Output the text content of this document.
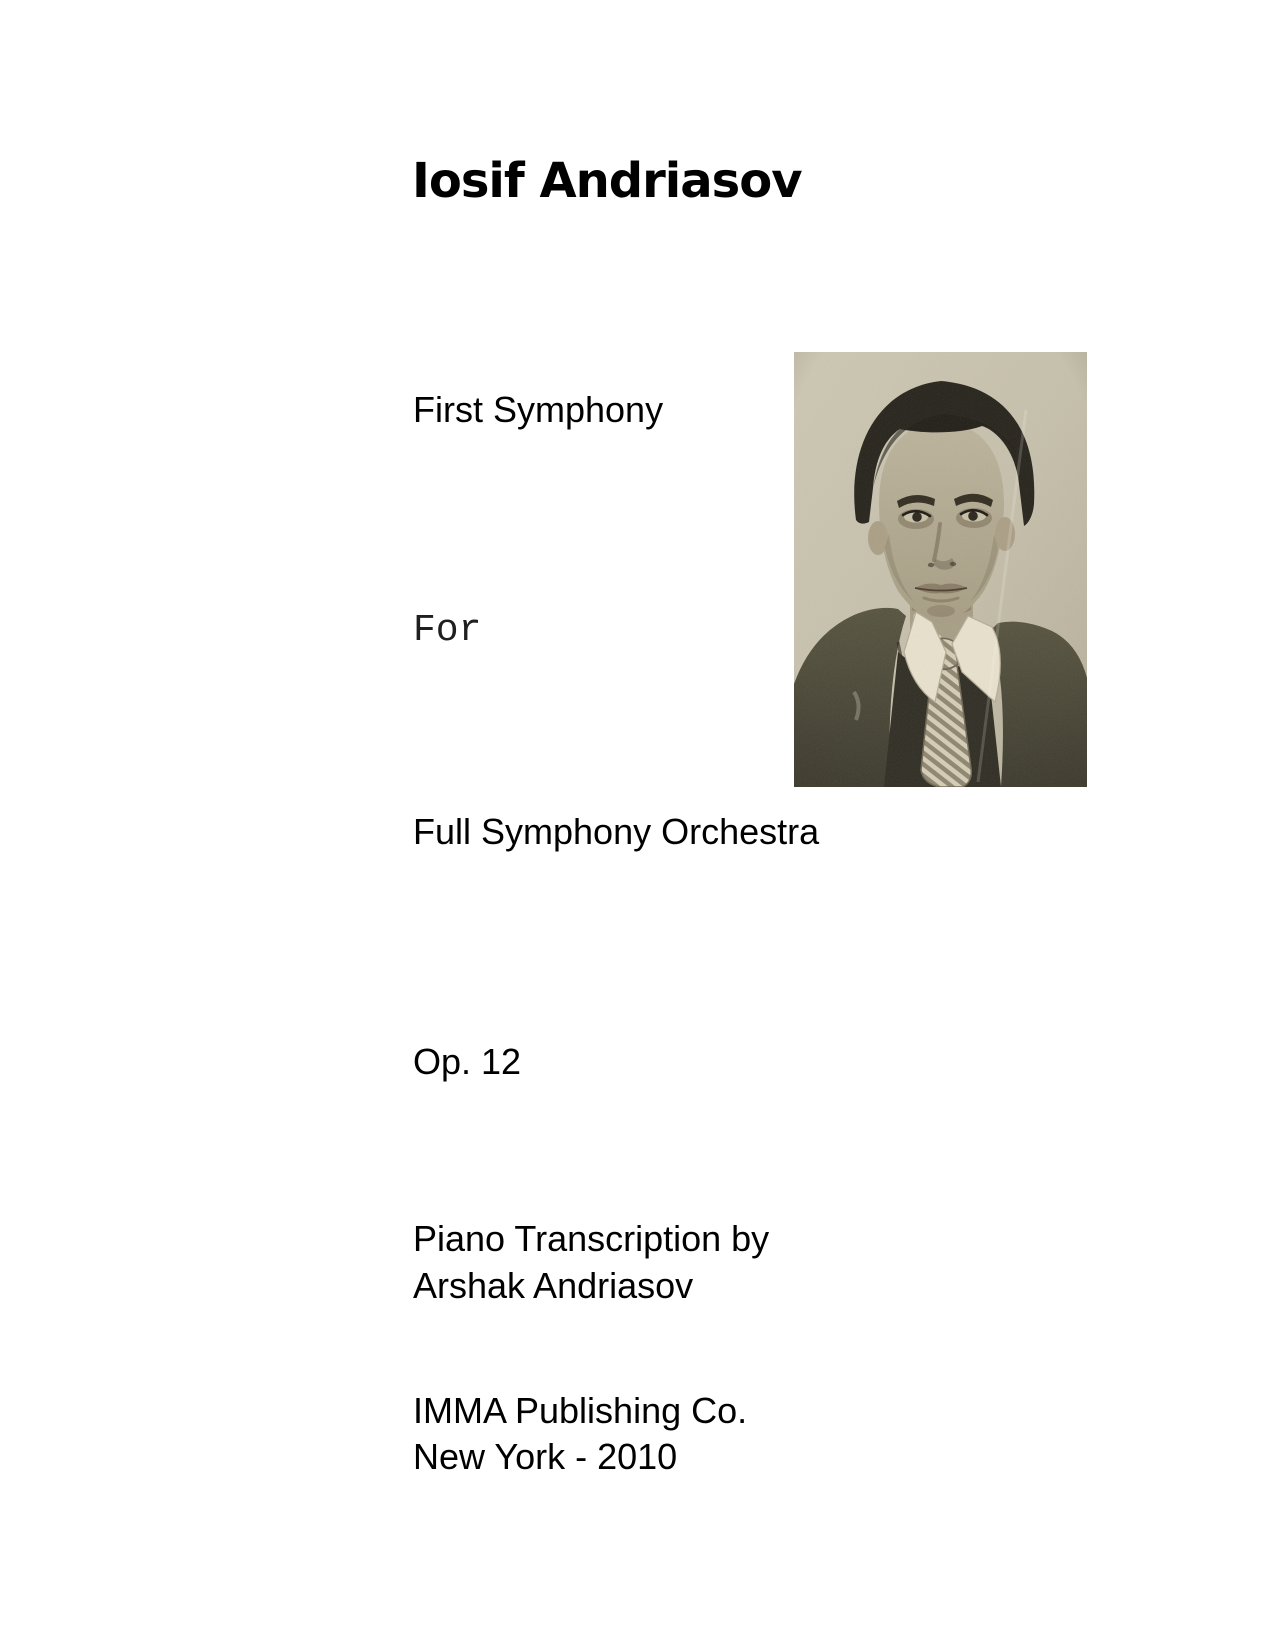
Iosif Andriasov
First Symphony
For
Full Symphony Orchestra
Op. 12
Piano Transcription by
Arshak Andriasov
IMMA Publishing Co.
New York - 2010
